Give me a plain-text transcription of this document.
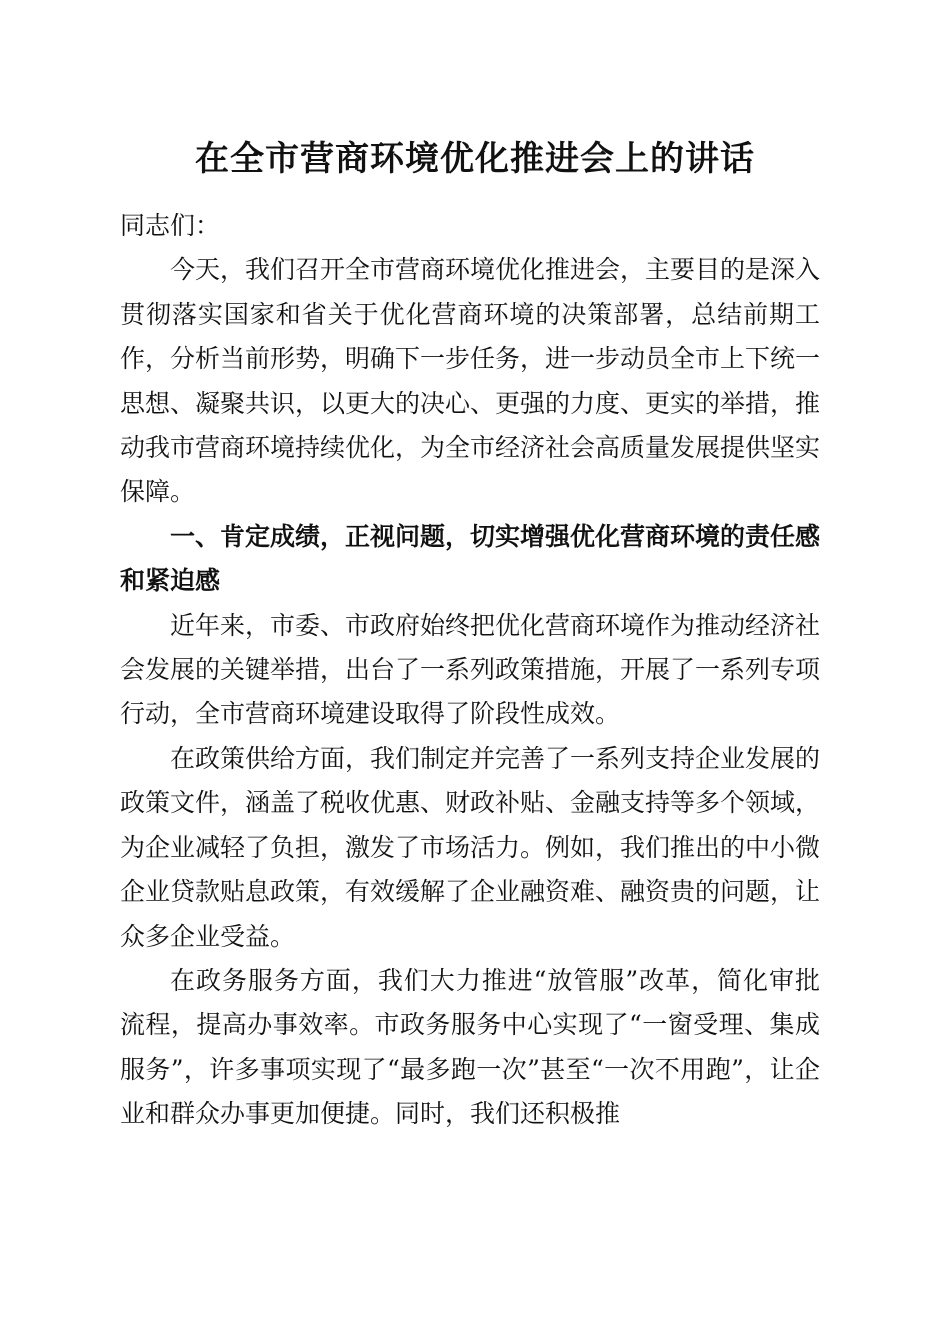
在全市营商环境优化推进会上的讲话

同志们：

今天，我们召开全市营商环境优化推进会，主要目的是深入贯彻落实国家和省关于优化营商环境的决策部署，总结前期工作，分析当前形势，明确下一步任务，进一步动员全市上下统一思想、凝聚共识，以更大的决心、更强的力度、更实的举措，推动我市营商环境持续优化，为全市经济社会高质量发展提供坚实保障。

一、肯定成绩，正视问题，切实增强优化营商环境的责任感和紧迫感

近年来，市委、市政府始终把优化营商环境作为推动经济社会发展的关键举措，出台了一系列政策措施，开展了一系列专项行动，全市营商环境建设取得了阶段性成效。

在政策供给方面，我们制定并完善了一系列支持企业发展的政策文件，涵盖了税收优惠、财政补贴、金融支持等多个领域，为企业减轻了负担，激发了市场活力。例如，我们推出的中小微企业贷款贴息政策，有效缓解了企业融资难、融资贵的问题，让众多企业受益。

在政务服务方面，我们大力推进“放管服”改革，简化审批流程，提高办事效率。市政务服务中心实现了“一窗受理、集成服务”，许多事项实现了“最多跑一次”甚至“一次不用跑”，让企业和群众办事更加便捷。同时，我们还积极推
